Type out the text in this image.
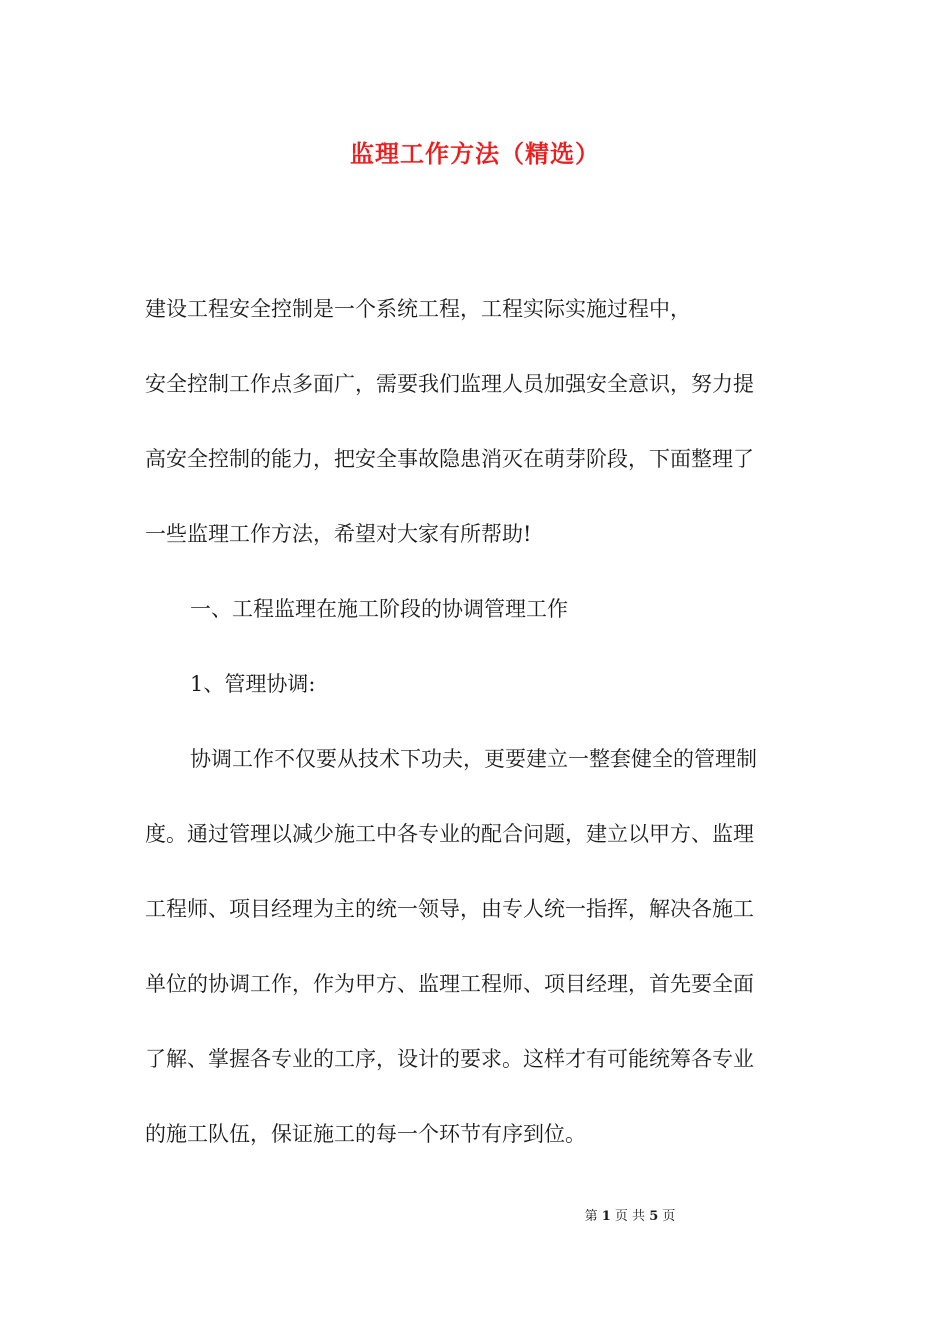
监理工作方法（精选）

建设工程安全控制是一个系统工程，工程实际实施过程中，

安全控制工作点多面广，需要我们监理人员加强安全意识，努力提

高安全控制的能力，把安全事故隐患消灭在萌芽阶段，下面整理了

一些监理工作方法，希望对大家有所帮助!

一、工程监理在施工阶段的协调管理工作

1、管理协调:

协调工作不仅要从技术下功夫，更要建立一整套健全的管理制

度。通过管理以减少施工中各专业的配合问题，建立以甲方、监理

工程师、项目经理为主的统一领导，由专人统一指挥，解决各施工

单位的协调工作，作为甲方、监理工程师、项目经理，首先要全面

了解、掌握各专业的工序，设计的要求。这样才有可能统筹各专业

的施工队伍，保证施工的每一个环节有序到位。

第 1 页 共 5 页
